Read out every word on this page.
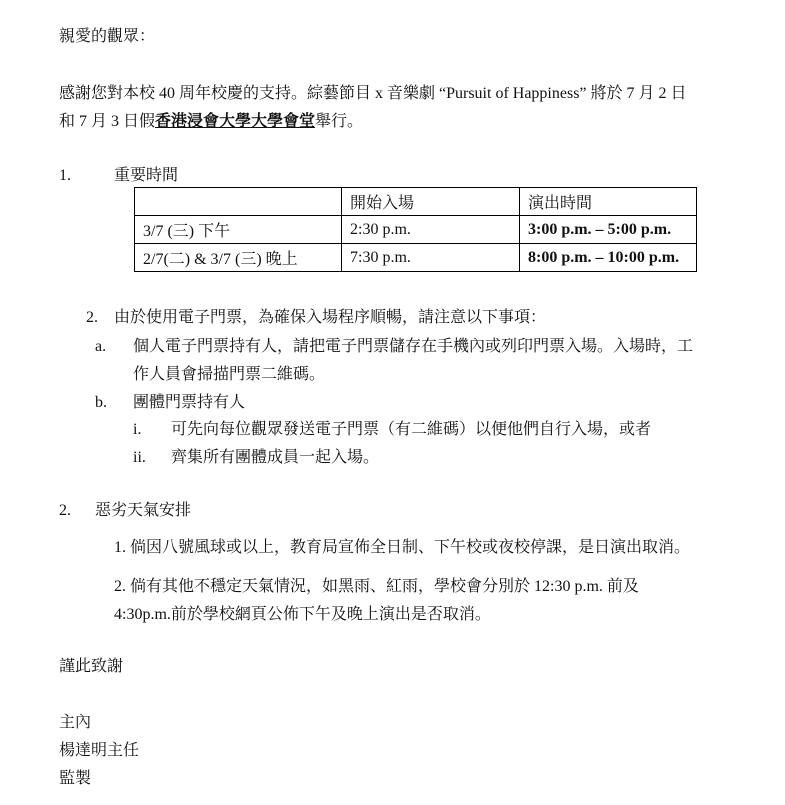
親愛的觀眾：
感謝您對本校 40 周年校慶的支持。綜藝節目 x 音樂劇 “Pursuit of Happiness” 將於 7 月 2 日
和 7 月 3 日假香港浸會大學大學會堂舉行。
1.	重要時間
	開始入場	演出時間
3/7 (三) 下午	2:30 p.m.	3:00 p.m. – 5:00 p.m.
2/7(二) & 3/7 (三) 晚上	7:30 p.m.	8:00 p.m. – 10:00 p.m.
2. 由於使用電子門票，為確保入場程序順暢，請注意以下事項：
a. 個人電子門票持有人，請把電子門票儲存在手機內或列印門票入場。入場時，工
作人員會掃描門票二維碼。
b. 團體門票持有人
i. 可先向每位觀眾發送電子門票（有二維碼）以便他們自行入場，或者
ii. 齊集所有團體成員一起入場。
2. 惡劣天氣安排
1. 倘因八號風球或以上，教育局宣佈全日制、下午校或夜校停課，是日演出取消。
2. 倘有其他不穩定天氣情況，如黑雨、紅雨，學校會分別於 12:30 p.m. 前及
4:30p.m.前於學校網頁公佈下午及晚上演出是否取消。
謹此致謝
主內
楊達明主任
監製
